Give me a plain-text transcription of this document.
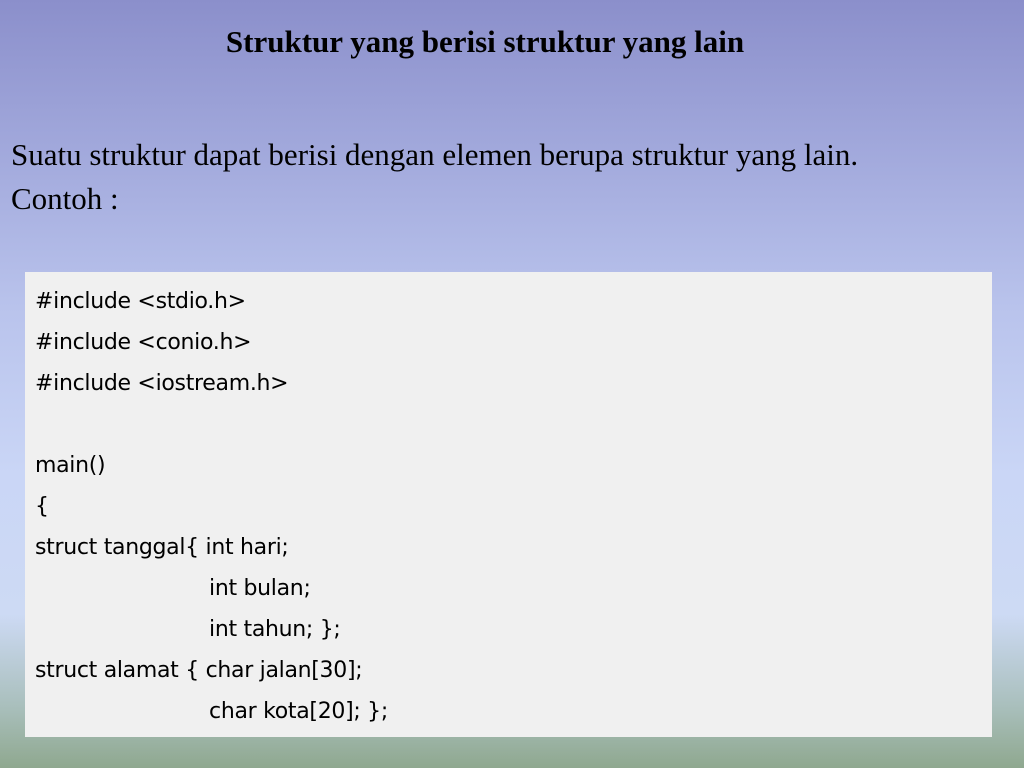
Struktur yang berisi struktur yang lain

Suatu struktur dapat berisi dengan elemen berupa struktur yang lain.

Contoh :

#include <stdio.h>
#include <conio.h>
#include <iostream.h>
main()
{
struct tanggal{ int hari;
int bulan;
int tahun; };
struct alamat { char jalan[30];
char kota[20]; };
